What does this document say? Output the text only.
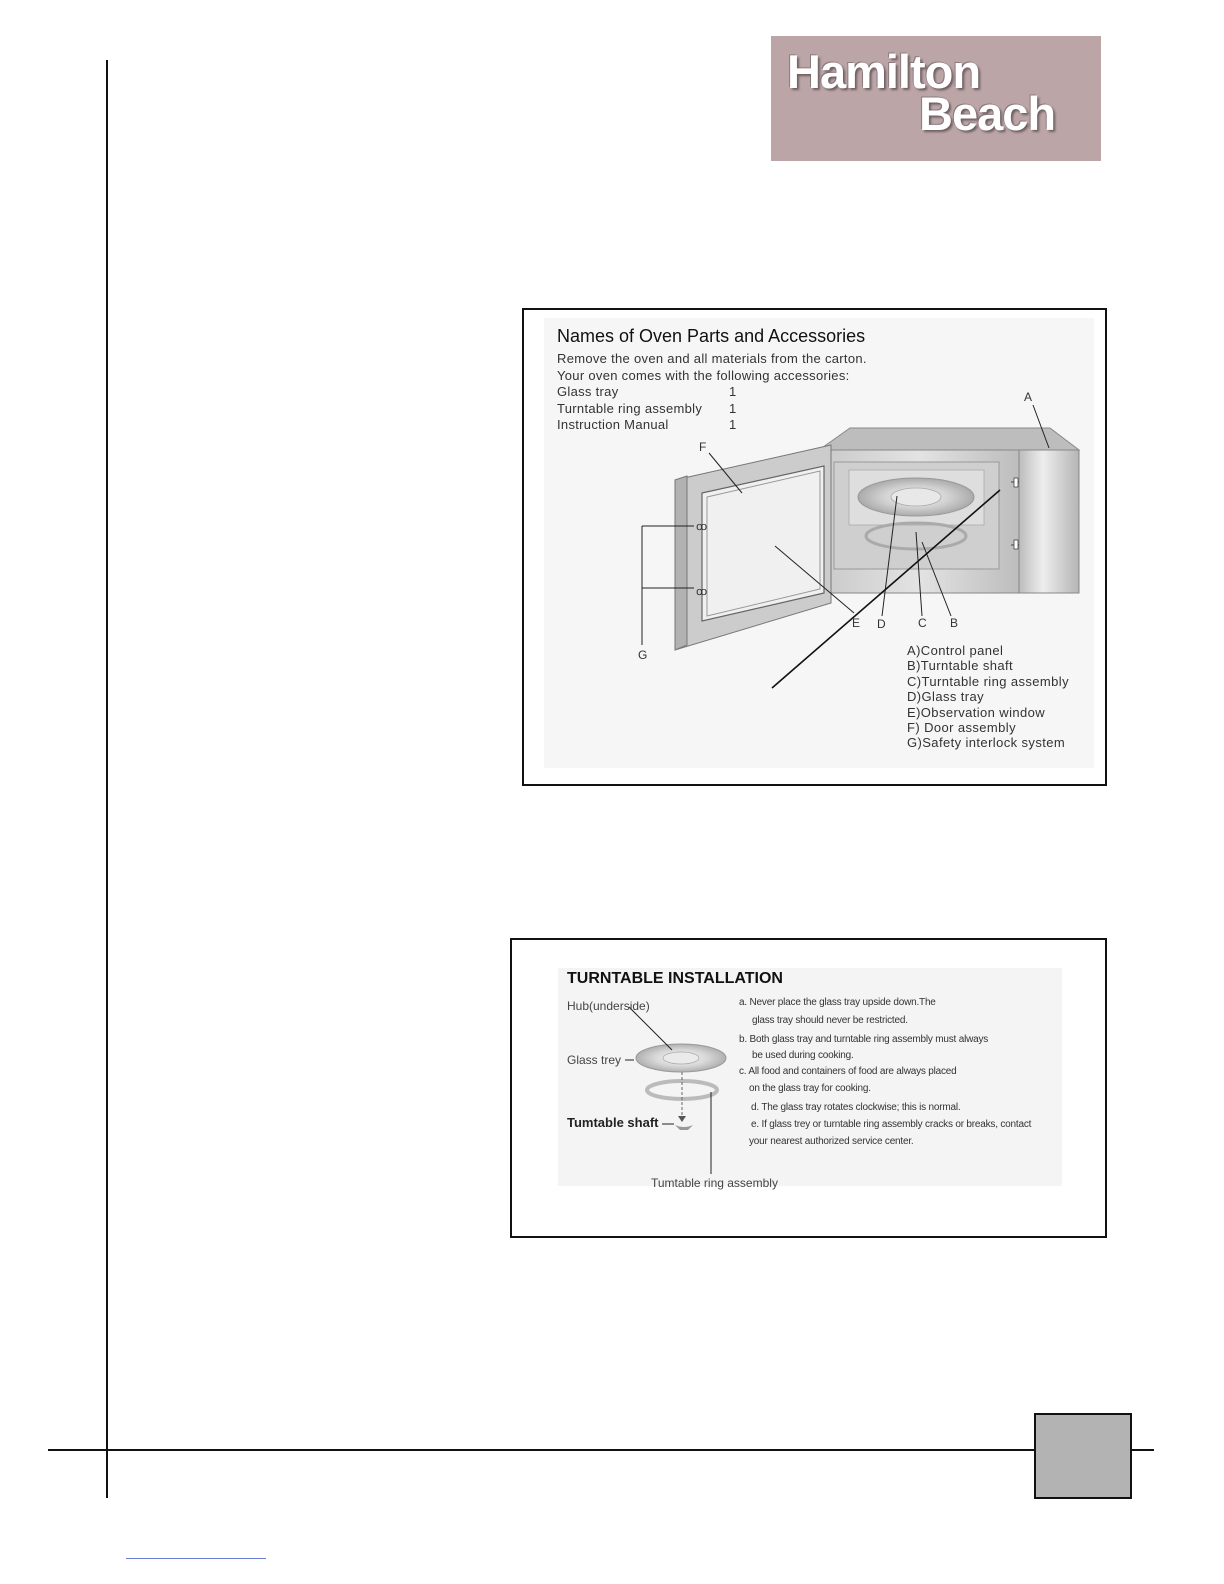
Hamilton
Beach
Names of Oven Parts and Accessories
Remove the oven and all materials from the carton.
Your oven comes with the following accessories:
Glass tray	1
Turntable ring assembly 1
Instruction Manual	1
ꝏ
ꝏ
A
F
G
E D	C B
A)Control panel
B)Turntable shaft
C)Turntable ring assembly
D)Glass tray
E)Observation window
F) Door assembly
G)Safety interlock system
TURNTABLE INSTALLATION
Hub(underside)
Glass trey
Tumtable shaft
Tumtable ring assembly
a. Never place the glass tray upside down.The
glass tray should never be restricted.
b. Both glass tray and turntable ring assembly must always
be used during cooking.
c. All food and containers of food are always placed
on the glass tray for cooking.
d. The glass tray rotates clockwise; this is normal.
e. If glass trey or turntable ring assembly cracks or breaks, contact
your nearest authorized service center.
